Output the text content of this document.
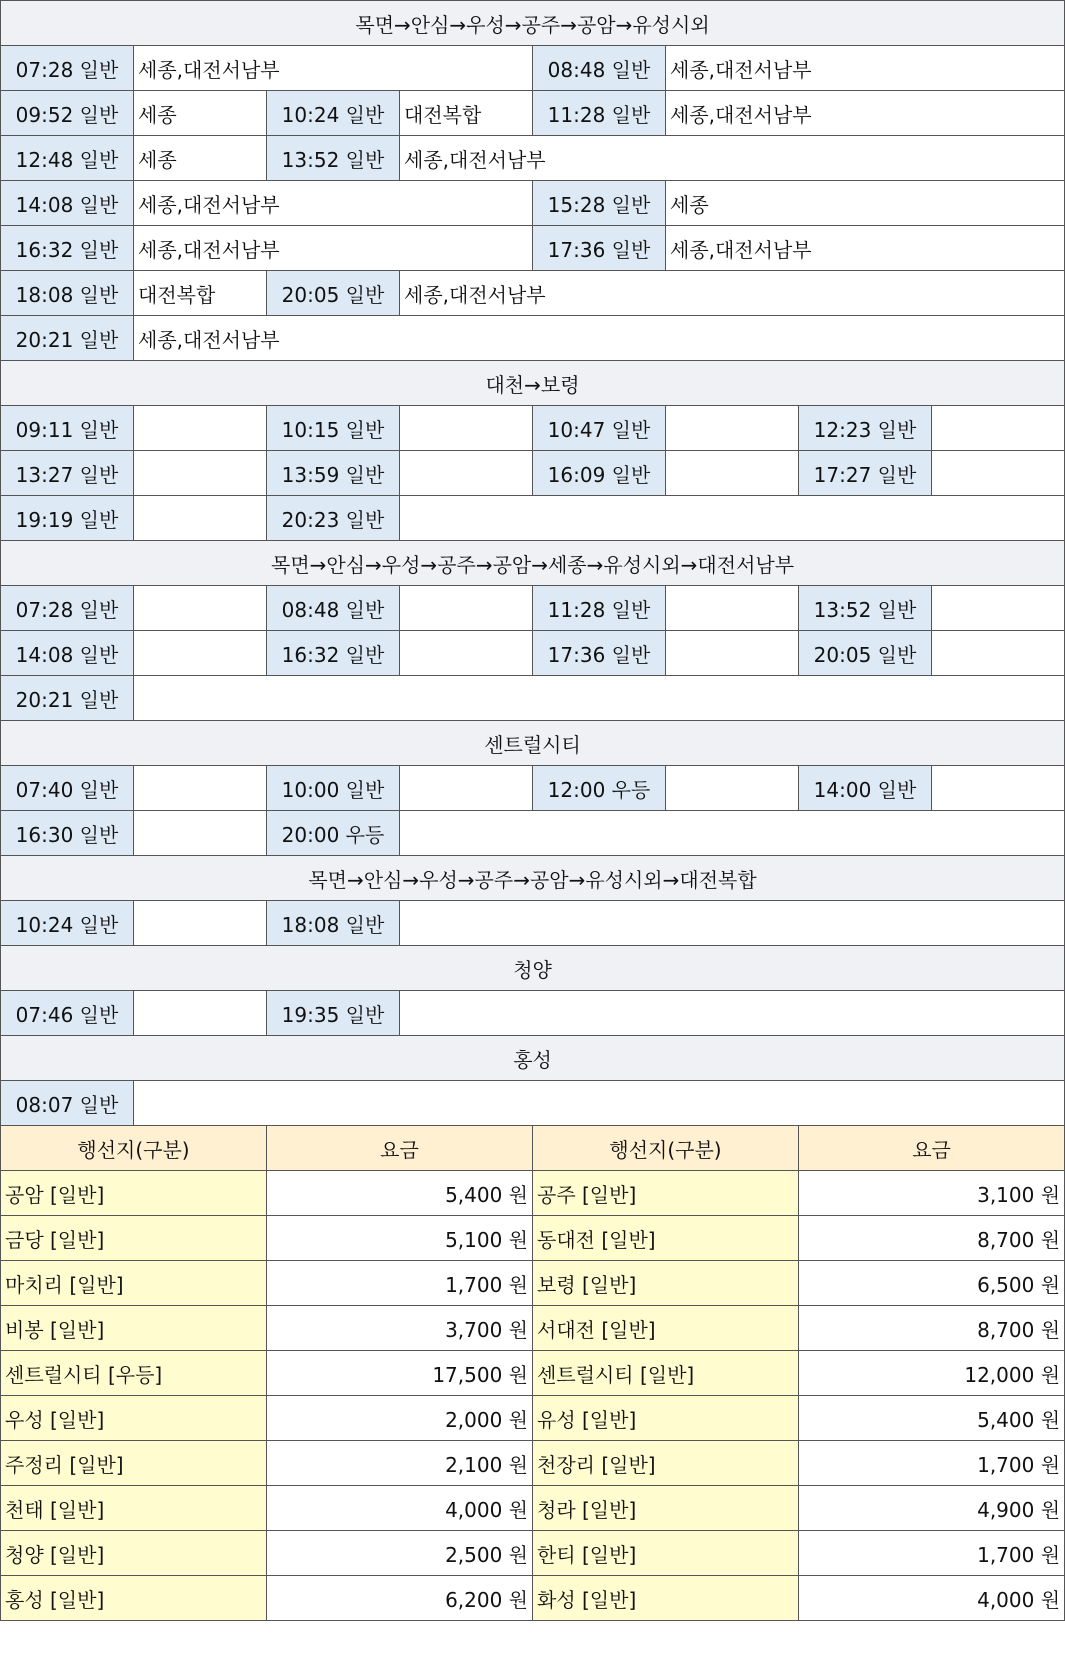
목면→안심→우성→공주→공암→유성시외							
07:28 일반	세종,대전서남부			08:48 일반	세종,대전서남부		
09:52 일반	세종	10:24 일반	대전복합	11:28 일반	세종,대전서남부		
12:48 일반	세종	13:52 일반	세종,대전서남부				
14:08 일반	세종,대전서남부			15:28 일반	세종		
16:32 일반	세종,대전서남부			17:36 일반	세종,대전서남부		
18:08 일반	대전복합	20:05 일반	세종,대전서남부				
20:21 일반	세종,대전서남부						
대천→보령							
09:11 일반		10:15 일반		10:47 일반		12:23 일반	
13:27 일반		13:59 일반		16:09 일반		17:27 일반	
19:19 일반		20:23 일반					
목면→안심→우성→공주→공암→세종→유성시외→대전서남부							
07:28 일반		08:48 일반		11:28 일반		13:52 일반	
14:08 일반		16:32 일반		17:36 일반		20:05 일반	
20:21 일반							
센트럴시티							
07:40 일반		10:00 일반		12:00 우등		14:00 일반	
16:30 일반		20:00 우등					
목면→안심→우성→공주→공암→유성시외→대전복합							
10:24 일반		18:08 일반					
청양							
07:46 일반		19:35 일반					
홍성							
08:07 일반							
행선지(구분)		요금		행선지(구분)		요금	
공암 [일반]		5,400 원		공주 [일반]		3,100 원	
금당 [일반]		5,100 원		동대전 [일반]		8,700 원	
마치리 [일반]		1,700 원		보령 [일반]		6,500 원	
비봉 [일반]		3,700 원		서대전 [일반]		8,700 원	
센트럴시티 [우등]		17,500 원		센트럴시티 [일반]		12,000 원	
우성 [일반]		2,000 원		유성 [일반]		5,400 원	
주정리 [일반]		2,100 원		천장리 [일반]		1,700 원	
천태 [일반]		4,000 원		청라 [일반]		4,900 원	
청양 [일반]		2,500 원		한티 [일반]		1,700 원	
홍성 [일반]		6,200 원		화성 [일반]		4,000 원	
